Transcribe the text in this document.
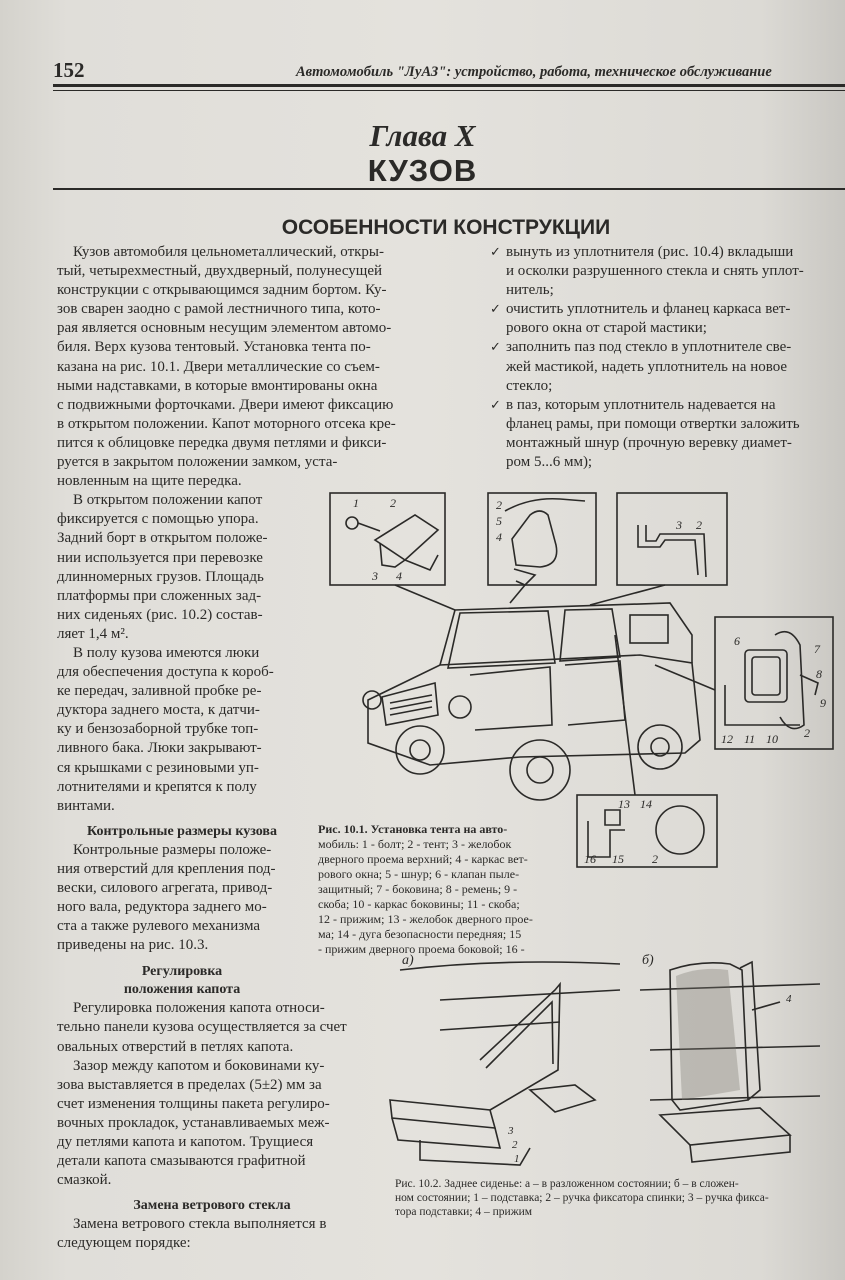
152	Автомомобиль "ЛуАЗ": устройство, работа, техническое обслуживание
Глава X
КУЗОВ
ОСОБЕННОСТИ КОНСТРУКЦИИ
Кузов автомобиля цельнометаллический, откры-
тый, четырехместный, двухдверный, полунесущей
конструкции с открывающимся задним бортом. Ку-
зов сварен заодно с рамой лестничного типа, кото-
рая является основным несущим элементом автомо-
биля. Верх кузова тентовый. Установка тента по-
казана на рис. 10.1. Двери металлические со съем-
ными надставками, в которые вмонтированы окна
с подвижными форточками. Двери имеют фиксацию
в открытом положении. Капот моторного отсека кре-
пится к облицовке передка двумя петлями и фикси-
руется в закрытом положении замком, уста-
новленным на щите передка.
В открытом положении капот
фиксируется с помощью упора.
Задний борт в открытом положе-
нии используется при перевозке
длинномерных грузов. Площадь
платформы при сложенных зад-
них сиденьях (рис. 10.2) состав-
ляет 1,4 м².
В полу кузова имеются люки
для обеспечения доступа к короб-
ке передач, заливной пробке ре-
дуктора заднего моста, к датчи-
ку и бензозаборной трубке топ-
ливного бака. Люки закрывают-
ся крышками с резиновыми уп-
лотнителями и крепятся к полу
винтами.
Контрольные размеры кузова
Контрольные размеры положе-
ния отверстий для крепления под-
вески, силового агрегата, привод-
ного вала, редуктора заднего мо-
ста а также рулевого механизма
приведены на рис. 10.3.
Регулировка
положения капота
Регулировка положения капота относи-
тельно панели кузова осуществляется за счет
овальных отверстий в петлях капота.
Зазор между капотом и боковинами ку-
зова выставляется в пределах (5±2) мм за
счет изменения толщины пакета регулиро-
вочных прокладок, устанавливаемых меж-
ду петлями капота и капотом. Трущиеся
детали капота смазываются графитной
смазкой.
Замена ветрового стекла
Замена ветрового стекла выполняется в
следующем порядке:
✓ вынуть из уплотнителя (рис. 10.4) вкладыши
и осколки разрушенного стекла и снять уплот-
нитель;
✓ очистить уплотнитель и фланец каркаса вет-
рового окна от старой мастики;
✓ заполнить паз под стекло в уплотнителе све-
жей мастикой, надеть уплотнитель на новое
стекло;
✓ в паз, которым уплотнитель надевается на
фланец рамы, при помощи отвертки заложить
монтажный шнур (прочную веревку диамет-
ром 5...6 мм);
1	2
3 4
2
5
4
3 2
6
7
8
9
12 11 10 2
13 14
16 15 2
Рис. 10.1. Установка тента на авто-
мобиль: 1 - болт; 2 - тент; 3 - желобок
дверного проема верхний; 4 - каркас вет-
рового окна; 5 - шнур; 6 - клапан пыле-
защитный; 7 - боковина; 8 - ремень; 9 -
скоба; 10 - каркас боковины; 11 - скоба;
12 - прижим; 13 - желобок дверного прое-
ма; 14 - дуга безопасности передняя; 15
- прижим дверного проема боковой; 16 -
а)	б)
3
2
1
4
Рис. 10.2. Заднее сиденье: а – в разложенном состоянии; б – в сложен-
ном состоянии; 1 – подставка; 2 – ручка фиксатора спинки; 3 – ручка фикса-
тора подставки; 4 – прижим
